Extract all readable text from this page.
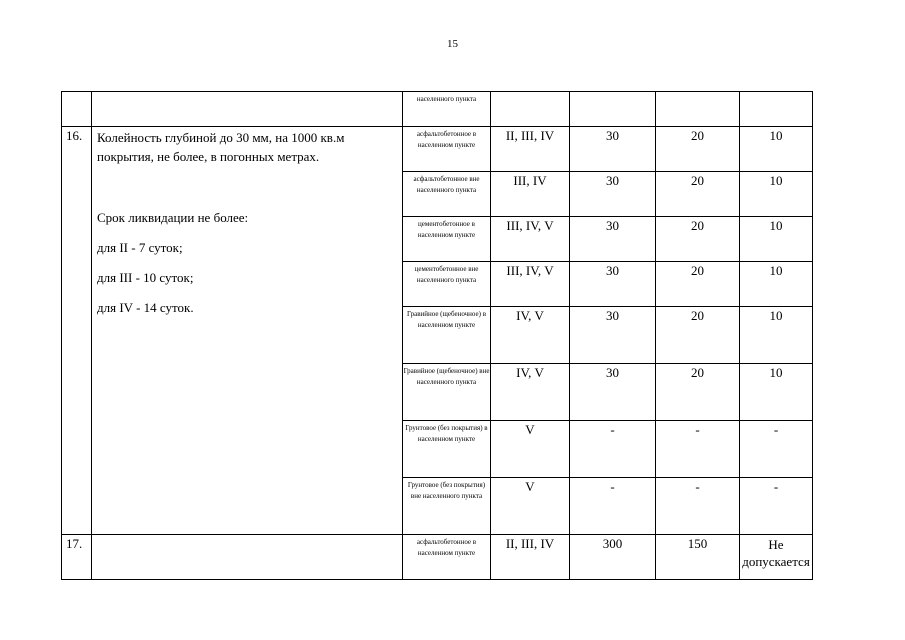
15

		населенного пункта				

16.	Колейность глубиной до 30 мм, на 1000 кв.м покрытия, не более, в погонных метрах.
Срок ликвидации не более:
для II - 7 суток;
для III - 10 суток;
для IV - 14 суток.	асфальтобетонное в населенном пункте	II, III, IV	30	20	10

		асфальтобетонное вне населенного пункта	III, IV	30	20	10

		цементобетонное в населенном пункте	III, IV, V	30	20	10

		цементобетонное вне населенного пункта	III, IV, V	30	20	10

		Гравийное (щебеночное) в населенном пункте	IV, V	30	20	10

		Гравийное (щебеночное) вне населенного пункта	IV, V	30	20	10

		Грунтовое (без покрытия) в населенном пункте	V	-	-	-

		Грунтовое (без покрытия) вне населенного пункта	V	-	-	-

17.		асфальтобетонное в населенном пункте	II, III, IV	300	150	Не допускается
